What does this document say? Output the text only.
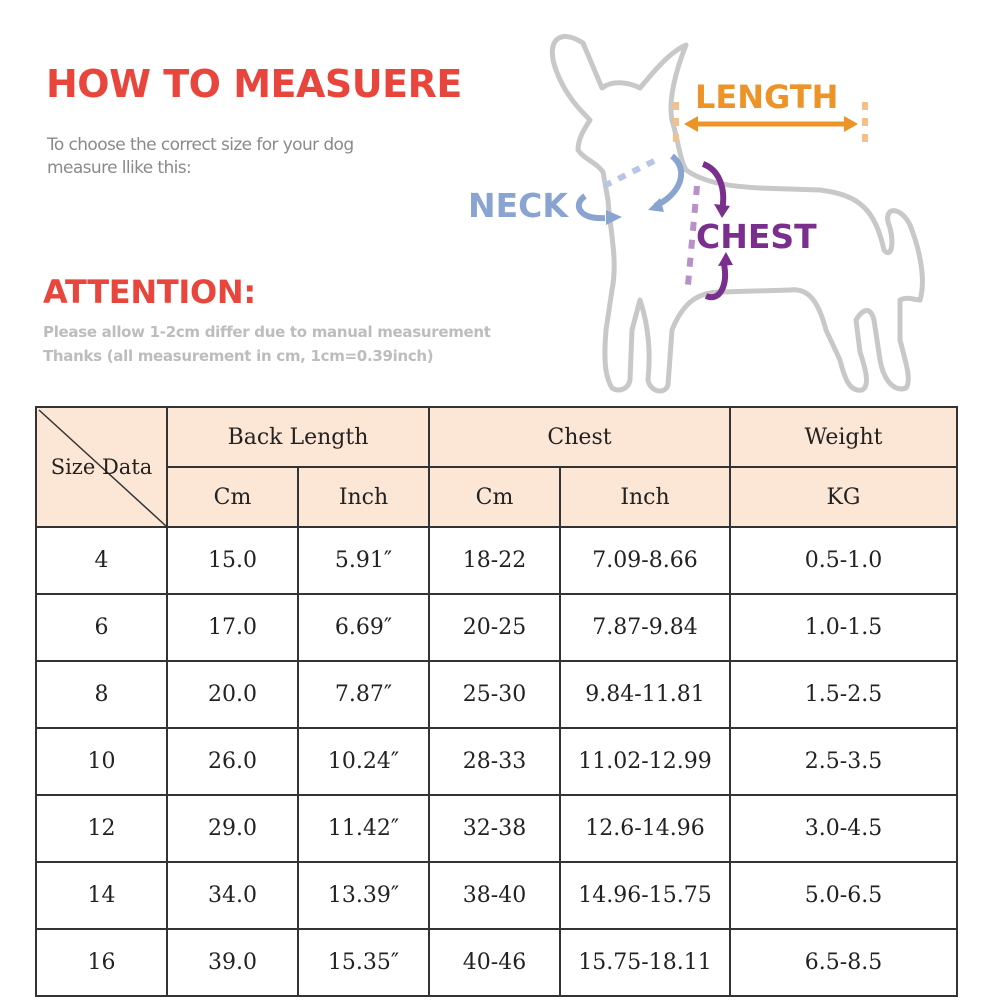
HOW TO MEASUERE
To choose the correct size for your dog
measure llike this:
ATTENTION:
Please allow 1-2cm differ due to manual measurement
Thanks (all measurement in cm, 1cm=0.39inch)
LENGTH
NECK
CHEST
Size Data	Back Length		Chest		Weight
	Cm	Inch	Cm	Inch	KG
4	15.0	5.91″	18-22	7.09-8.66	0.5-1.0
6	17.0	6.69″	20-25	7.87-9.84	1.0-1.5
8	20.0	7.87″	25-30	9.84-11.81	1.5-2.5
10	26.0	10.24″	28-33	11.02-12.99	2.5-3.5
12	29.0	11.42″	32-38	12.6-14.96	3.0-4.5
14	34.0	13.39″	38-40	14.96-15.75	5.0-6.5
16	39.0	15.35″	40-46	15.75-18.11	6.5-8.5
